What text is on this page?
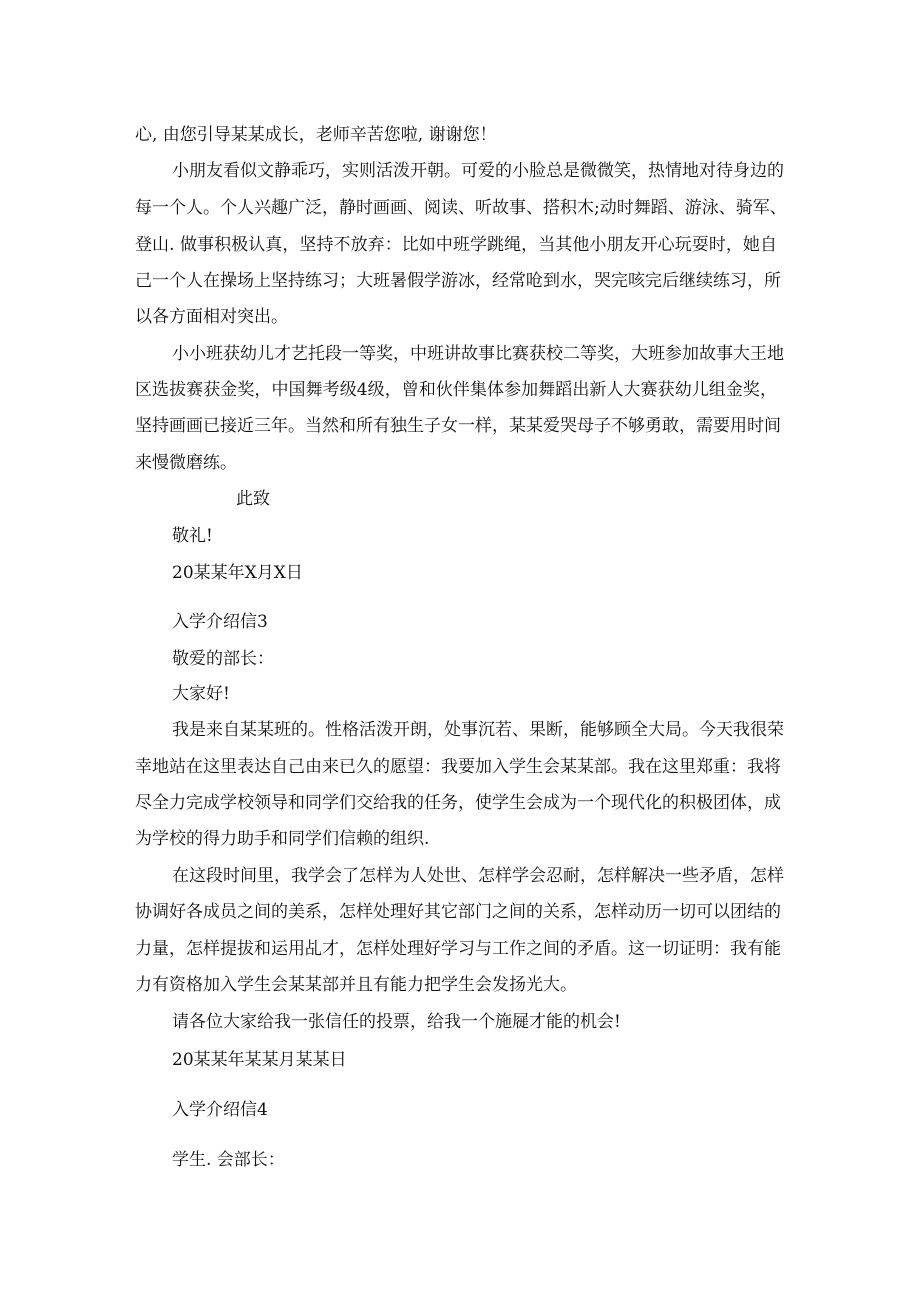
心, 由您引导某某成长，老师辛苦您啦, 谢谢您！
小朋友看似文静乖巧，实则活泼开朝。可爱的小脸总是微微笑，热情地对待身边的
每一个人。个人兴趣广泛，静时画画、阅读、听故事、搭积木;动时舞蹈、游泳、骑军、
登山. 做事积极认真，坚持不放弃：比如中班学跳绳，当其他小朋友开心玩耍时，她自
己一个人在操场上坚持练习；大班暑假学游冰，经常呛到水，哭完咳完后继续练习，所
以各方面相对突出。
小小班获幼儿才艺托段一等奖，中班讲故事比赛获校二等奖，大班参加故事大王地
区选拔赛获金奖，中国舞考级4级，曾和伙伴集体参加舞蹈出新人大赛获幼儿组金奖，
坚持画画已接近三年。当然和所有独生子女一样，某某爱哭母子不够勇敢，需要用时间
来慢微磨练。
此致
敬礼!
20某某年X月X日
入学介绍信3
敬爱的部长：
大家好!
我是来自某某班的。性格活泼开朗，处事沉若、果断，能够顾全大局。今天我很荣
幸地站在这里表达自己由来已久的愿望：我要加入学生会某某部。我在这里郑重：我将
尽全力完成学校领导和同学们交给我的任务，使学生会成为一个现代化的积极团体，成
为学校的得力助手和同学们信赖的组织.
在这段时间里，我学会了怎样为人处世、怎样学会忍耐，怎样解决一些矛盾，怎样
协调好各成员之间的美系，怎样处理好其它部门之间的关系，怎样动历一切可以团结的
力量，怎样提拔和运用乩才，怎样处理好学习与工作之间的矛盾。这一切证明：我有能
力有资格加入学生会某某部并且有能力把学生会发扬光大。
请各位大家给我一张信任的投票，给我一个施屣才能的机会!
20某某年某某月某某日
入学介绍信4
学生. 会部长：
